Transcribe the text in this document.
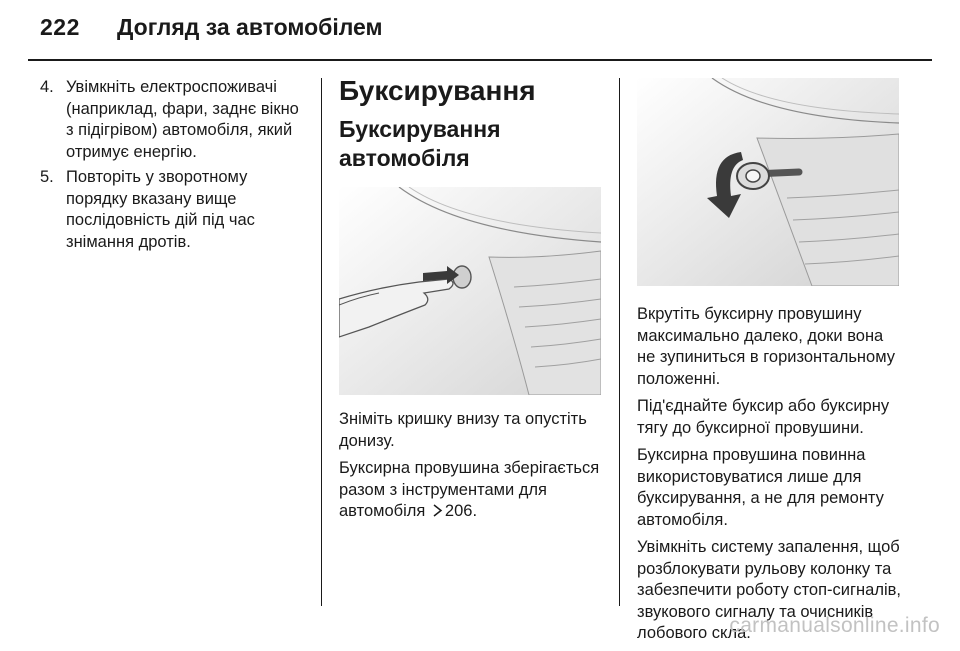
222 Догляд за автомобілем
4. Увімкніть електроспоживачі (наприклад, фари, заднє вікно з підігрівом) автомобіля, який отримує енергію.
5. Повторіть у зворотному порядку вказану вище послідовність дій під час знімання дротів.
Буксирування
Буксирування автомобіля

Зніміть кришку внизу та опустіть донизу.

Буксирна провушина зберігається разом з інструментами для автомобіля 206.

Вкрутіть буксирну провушину максимально далеко, доки вона не зупиниться в горизонтальному положенні.

Під'єднайте буксир або буксирну тягу до буксирної провушини.

Буксирна провушина повинна використовуватися лише для буксирування, а не для ремонту автомобіля.

Увімкніть систему запалення, щоб розблокувати рульову колонку та забезпечити роботу стоп-сигналів, звукового сигналу та очисників лобового скла.

carmanualsonline.info
